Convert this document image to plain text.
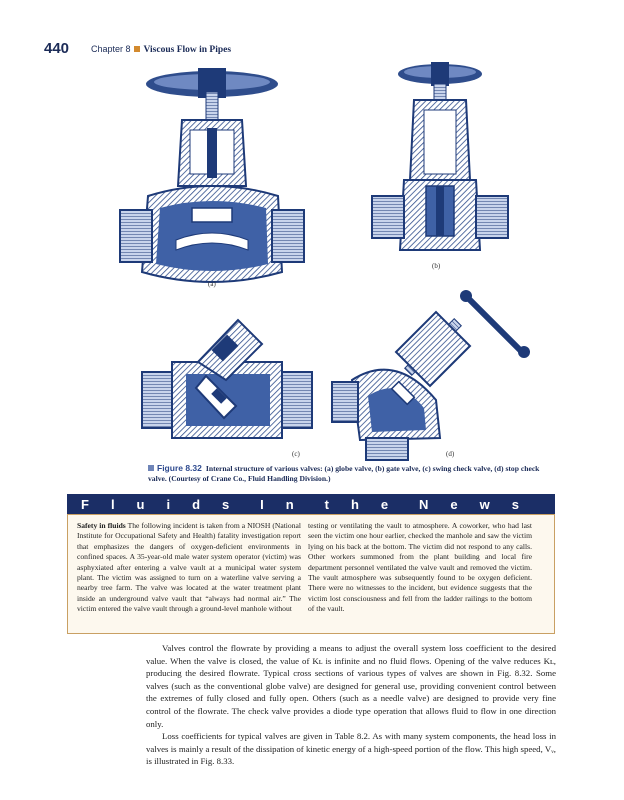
440 Chapter 8 Viscous Flow in Pipes
(a)
(b)
(c)	(d)
Figure 8.32 Internal structure of various valves: (a) globe valve, (b) gate valve, (c) swing check valve, (d) stop check valve. (Courtesy of Crane Co., Fluid Handling Division.)
Fluids In the News
Safety in fluids The following incident is taken from a NIOSH (National Institute for Occupational Safety and Health) fatality investigation report that emphasizes the dangers of oxygen-deficient environments in confined spaces. A 35-year-old male water system operator (victim) was asphyxiated after entering a valve vault at a municipal water system plant. The victim was assigned to turn on a waterline valve serving a nearby tree farm. The valve was located at the water treatment plant inside an underground valve vault that “always had normal air.” The victim entered the valve vault through a ground-level manhole without
testing or ventilating the vault to atmosphere. A coworker, who had last seen the victim one hour earlier, checked the manhole and saw the victim lying on his back at the bottom. The victim did not respond to any calls. Other workers summoned from the plant building and local fire department personnel ventilated the valve vault and removed the victim. The vault atmosphere was subsequently found to be oxygen deficient. There were no witnesses to the incident, but evidence suggests that the victim lost consciousness and fell from the ladder railings to the bottom of the vault.

Valves control the flowrate by providing a means to adjust the overall system loss coefficient to the desired value. When the valve is closed, the value of Kʟ is infinite and no fluid flows. Opening of the valve reduces Kʟ, producing the desired flowrate. Typical cross sections of various types of valves are shown in Fig. 8.32. Some valves (such as the conventional globe valve) are designed for general use, providing convenient control between the extremes of fully closed and fully open. Others (such as a needle valve) are designed to provide very fine control of the flowrate. The check valve provides a diode type operation that allows fluid to flow in one direction only.

Loss coefficients for typical valves are given in Table 8.2. As with many system components, the head loss in valves is mainly a result of the dissipation of kinetic energy of a high-speed portion of the flow. This high speed, Vᵥ, is illustrated in Fig. 8.33.
